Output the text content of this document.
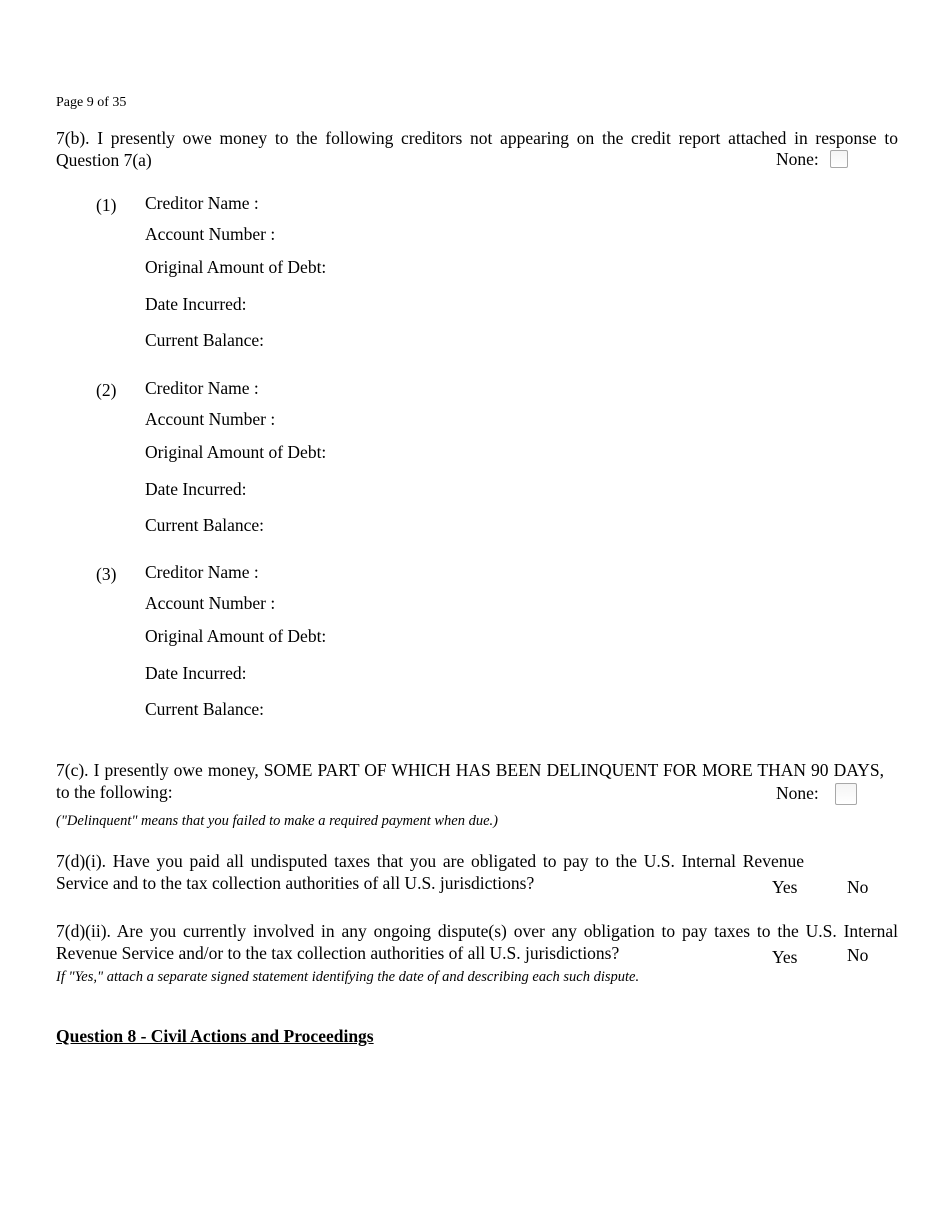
Page 9 of 35
7(b). I presently owe money to the following creditors not appearing on the credit report attached in response to Question 7(a)	None:
(1) Creditor Name :
Account Number :
Original Amount of Debt:
Date Incurred:
Current Balance:
(2) Creditor Name :
Account Number :
Original Amount of Debt:
Date Incurred:
Current Balance:
(3) Creditor Name :
Account Number :
Original Amount of Debt:
Date Incurred:
Current Balance:
7(c). I presently owe money, SOME PART OF WHICH HAS BEEN DELINQUENT FOR MORE THAN 90 DAYS, to the following:	None:
("Delinquent" means that you failed to make a required payment when due.)
7(d)(i). Have you paid all undisputed taxes that you are obligated to pay to the U.S. Internal Revenue Service and to the tax collection authorities of all U.S. jurisdictions?	Yes	No
7(d)(ii). Are you currently involved in any ongoing dispute(s) over any obligation to pay taxes to the U.S. Internal Revenue Service and/or to the tax collection authorities of all U.S. jurisdictions?	Yes	No
If "Yes," attach a separate signed statement identifying the date of and describing each such dispute.
Question 8 - Civil Actions and Proceedings
